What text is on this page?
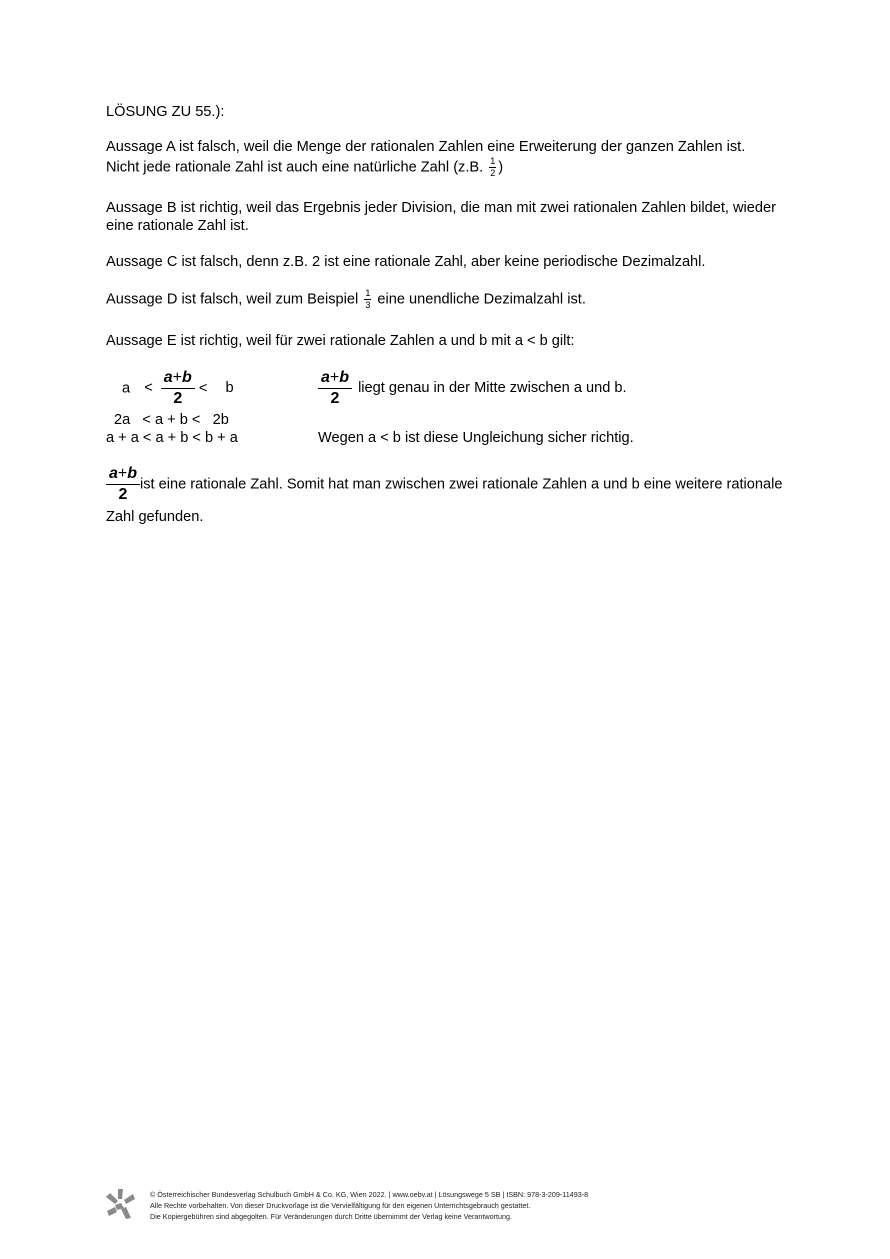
LÖSUNG ZU 55.):
Aussage A ist falsch, weil die Menge der rationalen Zahlen eine Erweiterung der ganzen Zahlen ist.
Nicht jede rationale Zahl ist auch eine natürliche Zahl (z.B. $\frac{1}{2}$ )
Aussage B ist richtig, weil das Ergebnis jeder Division, die man mit zwei rationalen Zahlen bildet, wieder
eine rationale Zahl ist.
Aussage C ist falsch, denn z.B. 2 ist eine rationale Zahl, aber keine periodische Dezimalzahl.
Aussage D ist falsch, weil zum Beispiel $\frac{1}{3}$ eine unendliche Dezimalzahl ist.
Aussage E ist richtig, weil für zwei rationale Zahlen a und b mit a < b gilt:
$a < \frac{a+b}{2} < b$
2a   < a + b <   2b
a + a < a + b < b + a
$\frac{a+b}{2}$ liegt genau in der Mitte zwischen a und b.
Wegen a < b ist diese Ungleichung sicher richtig.
$\frac{a+b}{2}$ ist eine rationale Zahl. Somit hat man zwischen zwei rationale Zahlen a und b eine weitere rationale
Zahl gefunden.
© Österreichischer Bundesverlag Schulbuch GmbH & Co. KG, Wien 2022. | www.oebv.at | Lösungswege 5 SB | ISBN: 978-3-209-11493-8
Alle Rechte vorbehalten. Von dieser Druckvorlage ist die Vervielfältigung für den eigenen Unterrichtsgebrauch gestattet.
Die Kopiergebühren sind abgegolten. Für Veränderungen durch Dritte übernimmt der Verlag keine Verantwortung.
